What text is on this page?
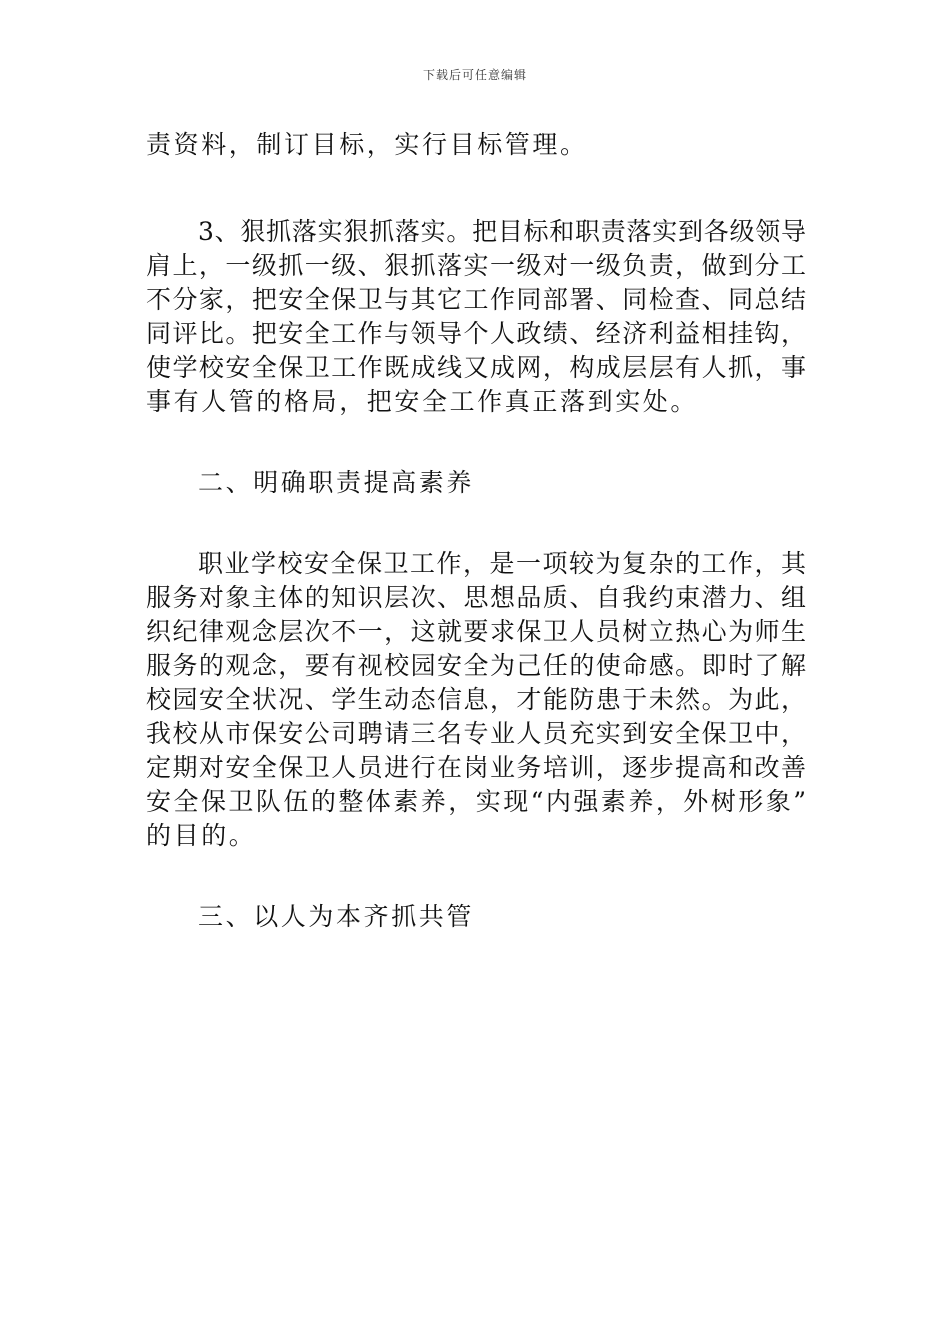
下载后可任意编辑
责资料，制订目标，实行目标管理。
3、狠抓落实狠抓落实。把目标和职责落实到各级领导
肩上，一级抓一级、狠抓落实一级对一级负责，做到分工
不分家，把安全保卫与其它工作同部署、同检查、同总结
同评比。把安全工作与领导个人政绩、经济利益相挂钩，
使学校安全保卫工作既成线又成网，构成层层有人抓，事
事有人管的格局，把安全工作真正落到实处。
二、明确职责提高素养
职业学校安全保卫工作，是一项较为复杂的工作，其
服务对象主体的知识层次、思想品质、自我约束潜力、组
织纪律观念层次不一，这就要求保卫人员树立热心为师生
服务的观念，要有视校园安全为己任的使命感。即时了解
校园安全状况、学生动态信息，才能防患于未然。为此，
我校从市保安公司聘请三名专业人员充实到安全保卫中，
定期对安全保卫人员进行在岗业务培训，逐步提高和改善
安全保卫队伍的整体素养，实现“内强素养，外树形象”
的目的。
三、以人为本齐抓共管
